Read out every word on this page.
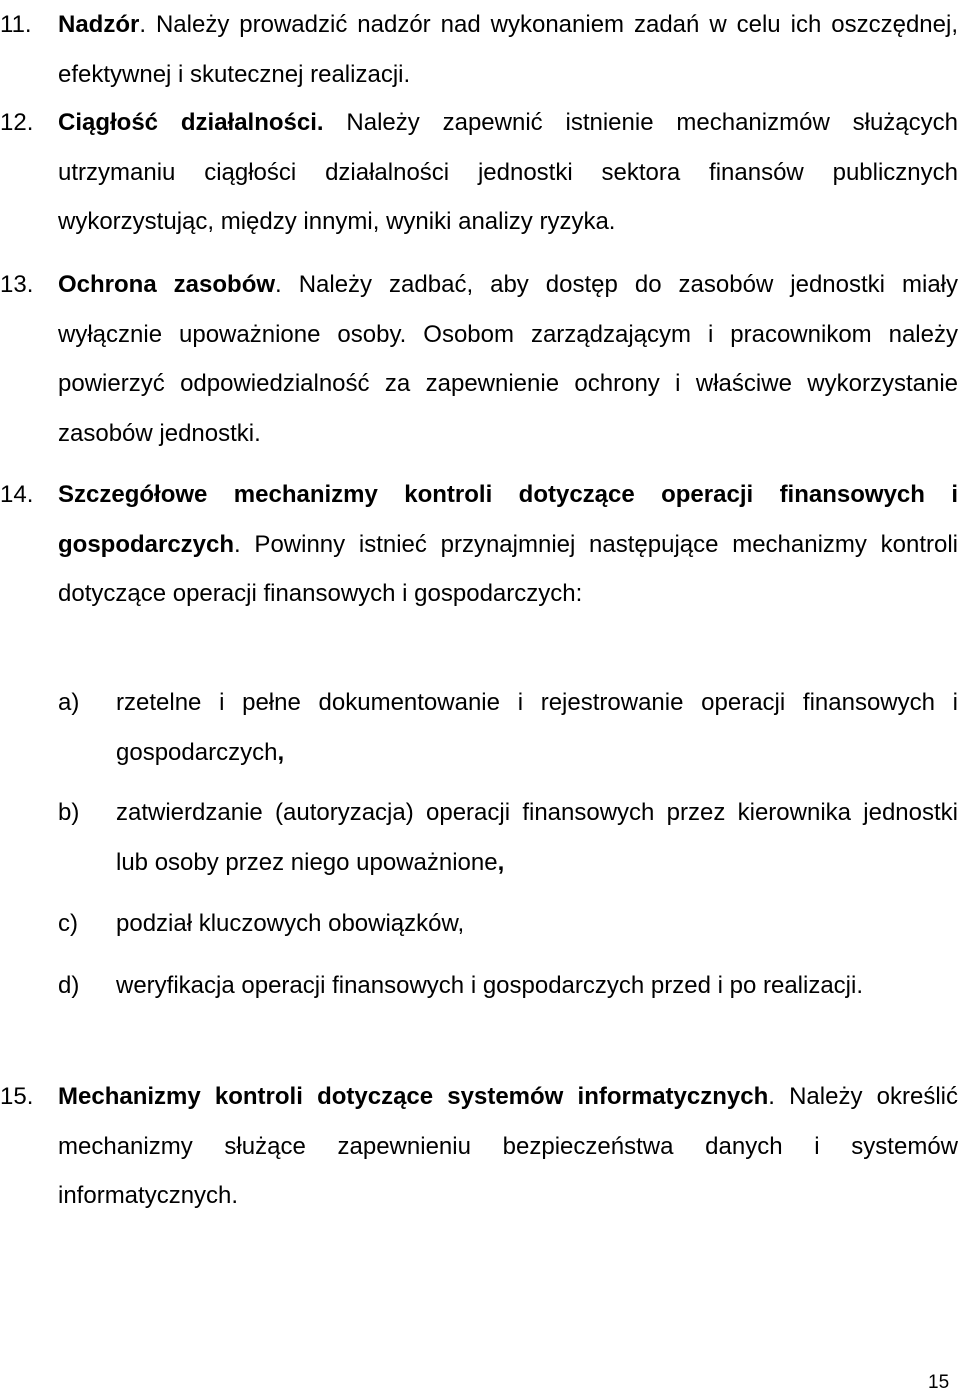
11. Nadzór. Należy prowadzić nadzór nad wykonaniem zadań w celu ich oszczędnej, efektywnej i skutecznej realizacji.
12. Ciągłość działalności. Należy zapewnić istnienie mechanizmów służących utrzymaniu ciągłości działalności jednostki sektora finansów publicznych wykorzystując, między innymi, wyniki analizy ryzyka.
13. Ochrona zasobów. Należy zadbać, aby dostęp do zasobów jednostki miały wyłącznie upoważnione osoby. Osobom zarządzającym i pracownikom należy powierzyć odpowiedzialność za zapewnienie ochrony i właściwe wykorzystanie zasobów jednostki.
14. Szczegółowe mechanizmy kontroli dotyczące operacji finansowych i gospodarczych. Powinny istnieć przynajmniej następujące mechanizmy kontroli dotyczące operacji finansowych i gospodarczych:
a) rzetelne i pełne dokumentowanie i rejestrowanie operacji finansowych i gospodarczych,
b) zatwierdzanie (autoryzacja) operacji finansowych przez kierownika jednostki lub osoby przez niego upoważnione,
c) podział kluczowych obowiązków,
d) weryfikacja operacji finansowych i gospodarczych przed i po realizacji.
15. Mechanizmy kontroli dotyczące systemów informatycznych. Należy określić mechanizmy służące zapewnieniu bezpieczeństwa danych i systemów informatycznych.
15
